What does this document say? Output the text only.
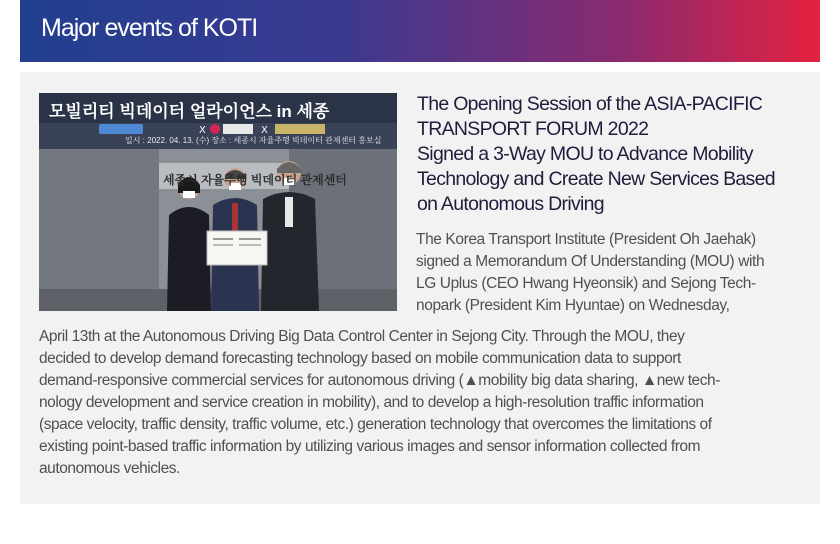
Major events of KOTI
X	X
모빌리티 빅데이터 얼라이언스 in 세종
일시 : 2022. 04. 13. (수) 장소 : 세종시 자율주행 빅데이터 관제센터 홍보실
세종시 자율주행 빅데이터 관제센터
The Opening Session of the ASIA-PACIFIC
TRANSPORT FORUM 2022
Signed a 3-Way MOU to Advance Mobility
Technology and Create New Services Based
on Autonomous Driving
The Korea Transport Institute (President Oh Jaehak)
signed a Memorandum Of Understanding (MOU) with
LG Uplus (CEO Hwang Hyeonsik) and Sejong Tech-
nopark (President Kim Hyuntae) on Wednesday,
April 13th at the Autonomous Driving Big Data Control Center in Sejong City. Through the MOU, they
decided to develop demand forecasting technology based on mobile communication data to support
demand-responsive commercial services for autonomous driving (▲mobility big data sharing, ▲new tech-
nology development and service creation in mobility), and to develop a high-resolution traffic information
(space velocity, traffic density, traffic volume, etc.) generation technology that overcomes the limitations of
existing point-based traffic information by utilizing various images and sensor information collected from
autonomous vehicles.
